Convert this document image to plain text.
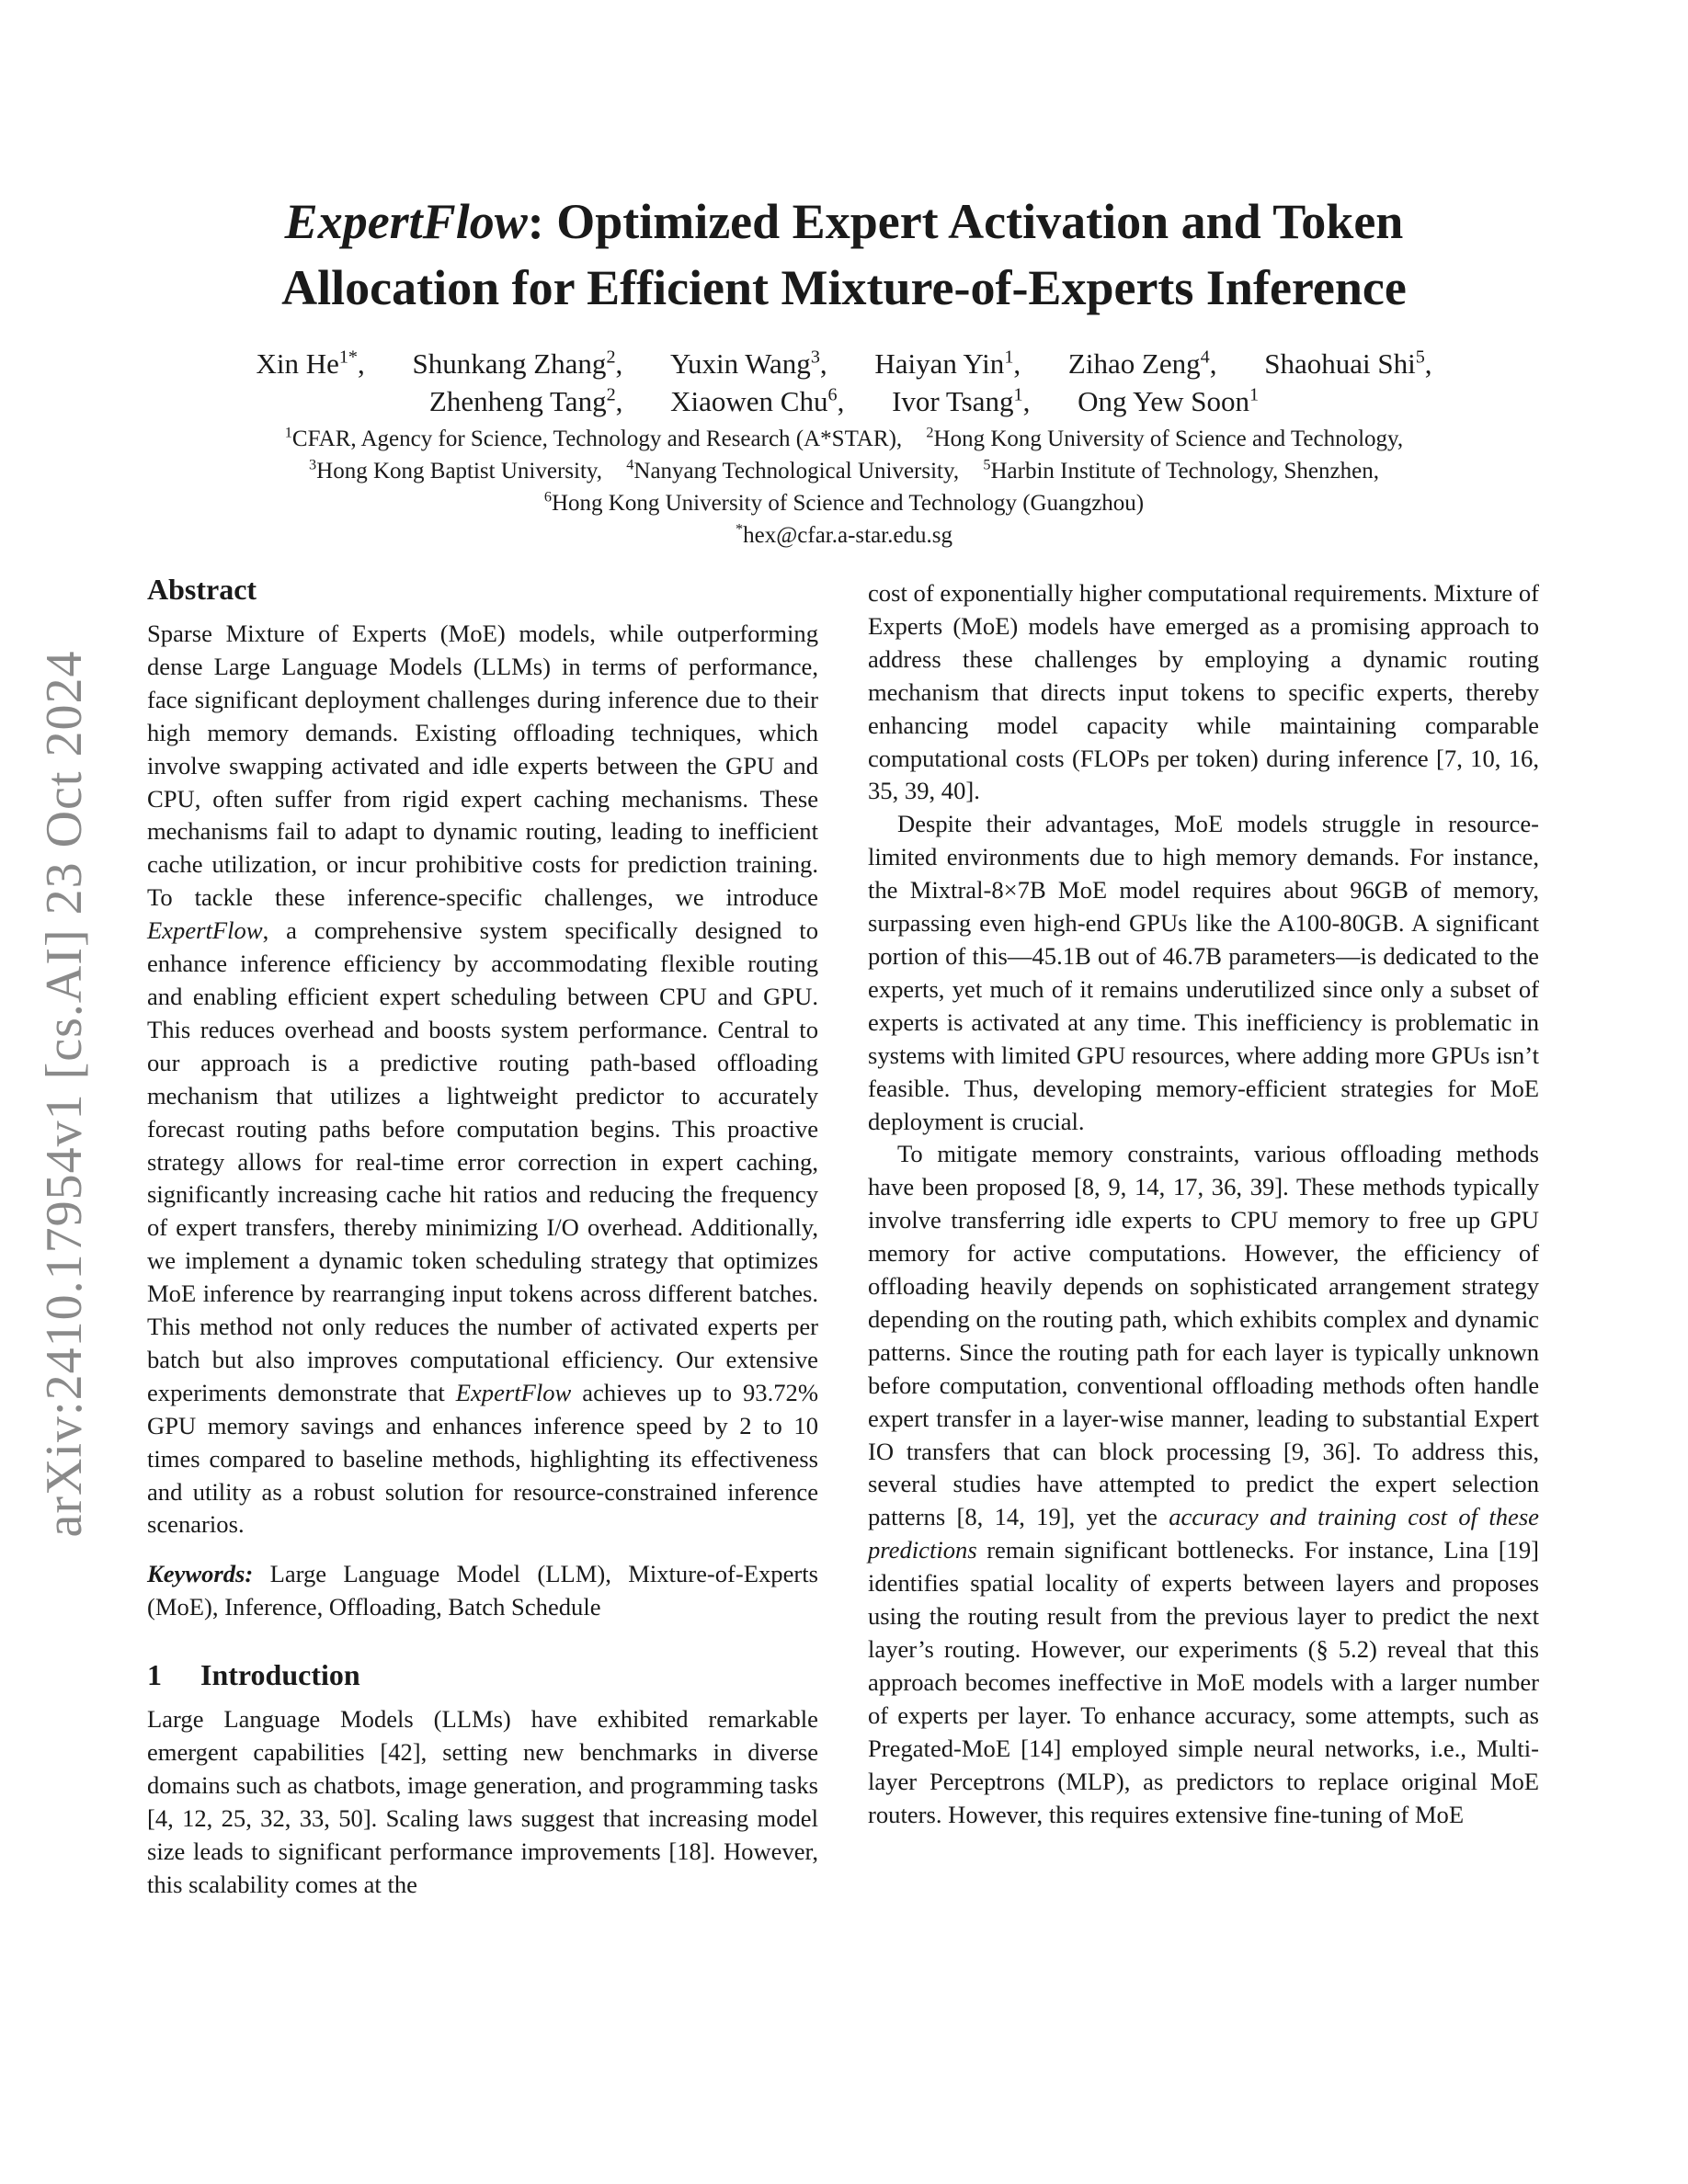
arXiv:2410.17954v1 [cs.AI] 23 Oct 2024
ExpertFlow: Optimized Expert Activation and Token
Allocation for Efficient Mixture-of-Experts Inference
Xin $He^{1*}$, Shunkang Zhang$^2$, Yuxin Wang$^3$, Haiyan Yin$^1$, Zihao Zeng$^4$, Shaohuai Shi$^5$,
Zhenheng Tang$^2$, Xiaowen Chu$^6$, Ivor Tsang$^1$, Ong Yew Soon$^1$
$^1$CFAR, Agency for Science, Technology and Research (A*STAR), $^2$Hong Kong University of Science and Technology,
$^3$Hong Kong Baptist University, $^4$Nanyang Technological University, $^5$Harbin Institute of Technology, Shenzhen,
$^6$Hong Kong University of Science and Technology (Guangzhou)
*hex@cfar.a-star.edu.sg
Abstract

Sparse Mixture of Experts (MoE) models, while outperforming dense Large Language Models (LLMs) in terms of performance, face significant deployment challenges during inference due to their high memory demands. Existing offloading techniques, which involve swapping activated and idle experts between the GPU and CPU, often suffer from rigid expert caching mechanisms. These mechanisms fail to adapt to dynamic routing, leading to inefficient cache utilization, or incur prohibitive costs for prediction training. To tackle these inference-specific challenges, we introduce ExpertFlow, a comprehensive system specifically designed to enhance inference efficiency by accommodating flexible routing and enabling efficient expert scheduling between CPU and GPU. This reduces overhead and boosts system performance. Central to our approach is a predictive routing path-based offloading mechanism that utilizes a lightweight predictor to accurately forecast routing paths before computation begins. This proactive strategy allows for real-time error correction in expert caching, significantly increasing cache hit ratios and reducing the frequency of expert transfers, thereby minimizing I/O overhead. Additionally, we implement a dynamic token scheduling strategy that optimizes MoE inference by rearranging input tokens across different batches. This method not only reduces the number of activated experts per batch but also improves computational efficiency. Our extensive experiments demonstrate that ExpertFlow achieves up to 93.72% GPU memory savings and enhances inference speed by 2 to 10 times compared to baseline methods, highlighting its effectiveness and utility as a robust solution for resource-constrained inference scenarios.

Keywords: Large Language Model (LLM), Mixture-of-Experts (MoE), Inference, Offloading, Batch Schedule

1 Introduction

Large Language Models (LLMs) have exhibited remarkable emergent capabilities [42], setting new benchmarks in diverse domains such as chatbots, image generation, and programming tasks [4, 12, 25, 32, 33, 50]. Scaling laws suggest that increasing model size leads to significant performance improvements [18]. However, this scalability comes at the

cost of exponentially higher computational requirements. Mixture of Experts (MoE) models have emerged as a promising approach to address these challenges by employing a dynamic routing mechanism that directs input tokens to specific experts, thereby enhancing model capacity while maintaining comparable computational costs (FLOPs per token) during inference [7, 10, 16, 35, 39, 40].

Despite their advantages, MoE models struggle in resource-limited environments due to high memory demands. For instance, the Mixtral-8×7B MoE model requires about 96GB of memory, surpassing even high-end GPUs like the A100-80GB. A significant portion of this—45.1B out of 46.7B parameters—is dedicated to the experts, yet much of it remains underutilized since only a subset of experts is activated at any time. This inefficiency is problematic in systems with limited GPU resources, where adding more GPUs isn’t feasible. Thus, developing memory-efficient strategies for MoE deployment is crucial.

To mitigate memory constraints, various offloading methods have been proposed [8, 9, 14, 17, 36, 39]. These methods typically involve transferring idle experts to CPU memory to free up GPU memory for active computations. However, the efficiency of offloading heavily depends on sophisticated arrangement strategy depending on the routing path, which exhibits complex and dynamic patterns. Since the routing path for each layer is typically unknown before computation, conventional offloading methods often handle expert transfer in a layer-wise manner, leading to substantial Expert IO transfers that can block processing [9, 36]. To address this, several studies have attempted to predict the expert selection patterns [8, 14, 19], yet the accuracy and training cost of these predictions remain significant bottlenecks. For instance, Lina [19] identifies spatial locality of experts between layers and proposes using the routing result from the previous layer to predict the next layer’s routing. However, our experiments (§ 5.2) reveal that this approach becomes ineffective in MoE models with a larger number of experts per layer. To enhance accuracy, some attempts, such as Pregated-MoE [14] employed simple neural networks, i.e., Multi-layer Perceptrons (MLP), as predictors to replace original MoE routers. However, this requires extensive fine-tuning of MoE
